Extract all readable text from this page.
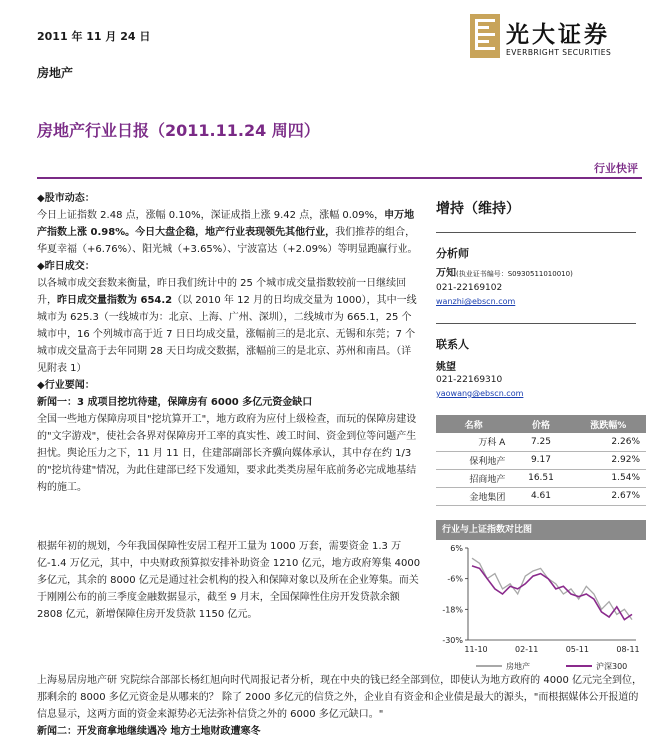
2011 年 11 月 24 日
房地产
光大证券
EVERBRIGHT SECURITIES
房地产行业日报（2011.11.24 周四）
行业快评

◆股市动态：

今日上证指数 2.48 点，涨幅 0.10%，深证成指上涨 9.42 点，涨幅 0.09%，申万地产指数上涨 0.98%。今日大盘企稳，地产行业表现领先其他行业，我们推荐的组合，华夏幸福（+6.76%）、阳光城（+3.65%）、宁波富达（+2.09%）等明显跑赢行业。

◆昨日成交：

以各城市成交套数来衡量，昨日我们统计中的 25 个城市成交量指数较前一日继续回升，昨日成交量指数为 654.2（以 2010 年 12 月的日均成交量为 1000），其中一线城市为 625.3（一线城市为：北京、上海、广州、深圳），二线城市为 665.1，25 个城市中，16 个列城市高于近 7 日日均成交量，涨幅前三的是北京、无锡和东莞；7 个城市成交量高于去年同期 28 天日均成交数据，涨幅前三的是北京、苏州和南昌。（详见附表 1）

◆行业要闻：

新闻一：3 成项目挖坑待建，保障房有 6000 多亿元资金缺口

全国一些地方保障房项目"挖坑算开工"，地方政府为应付上级检查，而玩的保障房建设的"文字游戏"，使社会各界对保障房开工率的真实性、竣工时间、资金到位等问题产生担忧。舆论压力之下，11 月 11 日，住建部副部长齐骥向媒体承认，其中存在约 1/3 的"挖坑待建"情况，为此住建部已经下发通知，要求此类类房屋年底前务必完成地基结构的施工。

根据年初的规划，今年我国保障性安居工程开工量为 1000 万套，需要资金 1.3 万亿-1.4 万亿元，其中，中央财政预算拟安排补助资金 1210 亿元，地方政府筹集 4000 多亿元，其余的 8000 亿元是通过社会机构的投入和保障对象以及所在企业筹集。而关于刚刚公布的前三季度金融数据显示，截至 9 月末，全国保障性住房开发贷款余额 2808 亿元，新增保障住房开发贷款 1150 亿元。

上海易居房地产研 究院综合部部长杨红旭向时代周报记者分析，现在中央的钱已经全部到位，即使认为地方政府的 4000 亿元完全到位，那剩余的 8000 多亿元资金是从哪来的？ 除了 2000 多亿元的信贷之外，企业自有资金和企业债是最大的源头，"而根据媒体公开报道的信息显示，这两方面的资金来源势必无法弥补信贷之外的 6000 多亿元缺口。"

新闻二：开发商拿地继续遇冷 地方土地财政遭寒冬

增持（维持）
分析师
万知(执业证书编号：S0930511010010)
021-22169102
wanzhi@ebscn.com
联系人
姚望
021-22169310
yaowang@ebscn.com
名称	价格	涨跌幅%
万科 A	7.25	2.26%
保利地产	9.17	2.92%
招商地产	16.51	1.54%
金地集团	4.61	2.67%
行业与上证指数对比图
6%
-6%
-18%
-30%
11-10	02-11	05-11	08-11
房地产	沪深300
